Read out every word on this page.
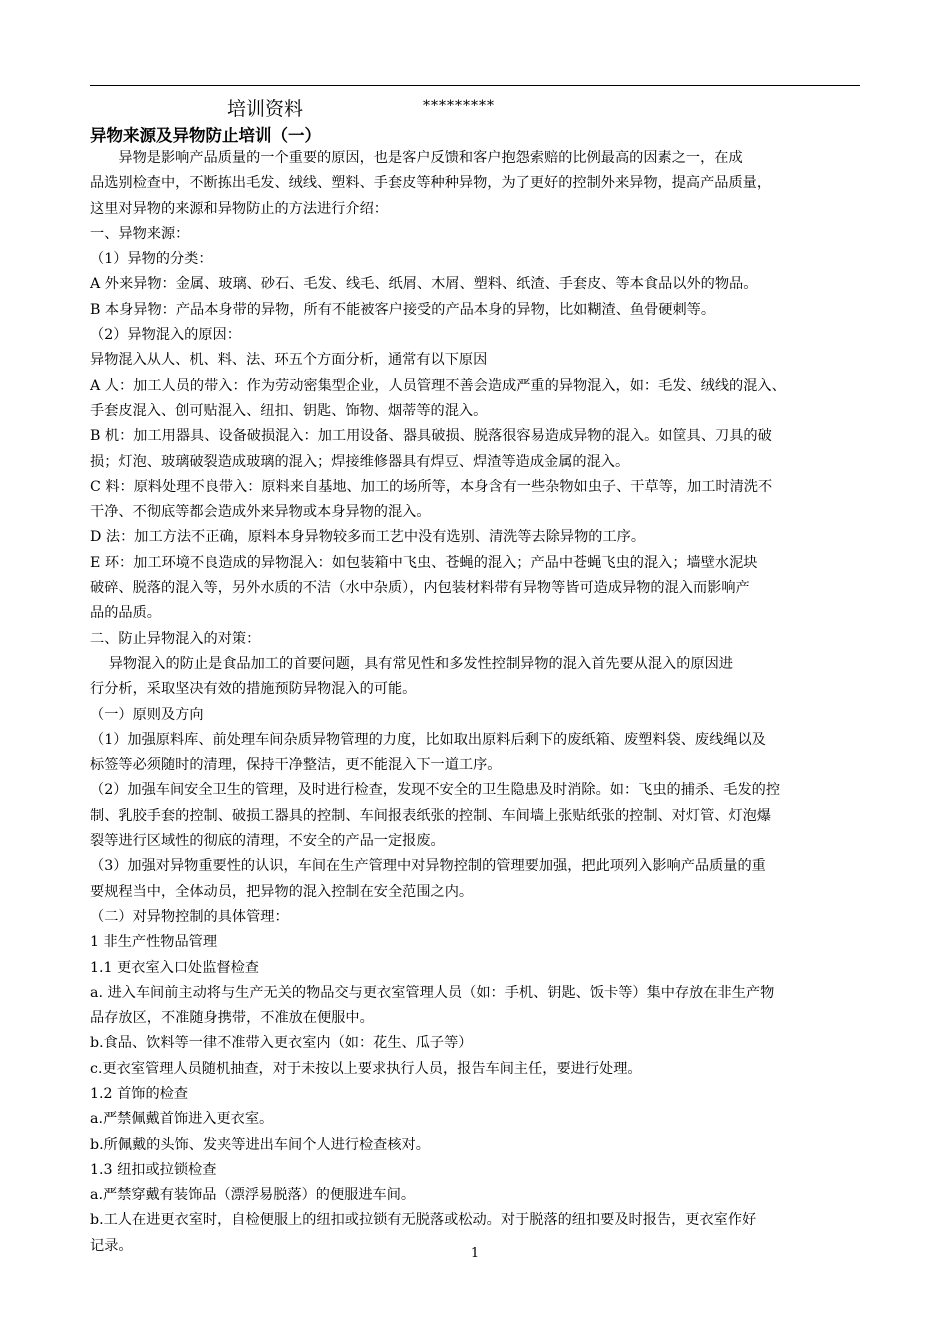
培训资料	*********
异物来源及异物防止培训（一）

　　异物是影响产品质量的一个重要的原因，也是客户反馈和客户抱怨索赔的比例最高的因素之一，在成

品选别检查中，不断拣出毛发、绒线、塑料、手套皮等种种异物，为了更好的控制外来异物，提高产品质量，

这里对异物的来源和异物防止的方法进行介绍：

一、异物来源：

（1）异物的分类：

A 外来异物：金属、玻璃、砂石、毛发、线毛、纸屑、木屑、塑料、纸渣、手套皮、等本食品以外的物品。

B 本身异物：产品本身带的异物，所有不能被客户接受的产品本身的异物，比如糊渣、鱼骨硬刺等。

（2）异物混入的原因：

异物混入从人、机、料、法、环五个方面分析，通常有以下原因

A 人：加工人员的带入：作为劳动密集型企业，人员管理不善会造成严重的异物混入，如：毛发、绒线的混入、

手套皮混入、创可贴混入、纽扣、钥匙、饰物、烟蒂等的混入。

B 机：加工用器具、设备破损混入：加工用设备、器具破损、脱落很容易造成异物的混入。如筐具、刀具的破

损；灯泡、玻璃破裂造成玻璃的混入；焊接维修器具有焊豆、焊渣等造成金属的混入。

C 料：原料处理不良带入：原料来自基地、加工的场所等，本身含有一些杂物如虫子、干草等，加工时清洗不

干净、不彻底等都会造成外来异物或本身异物的混入。

D 法：加工方法不正确，原料本身异物较多而工艺中没有选别、清洗等去除异物的工序。

E 环：加工环境不良造成的异物混入：如包装箱中飞虫、苍蝇的混入；产品中苍蝇飞虫的混入；墙壁水泥块

破碎、脱落的混入等，另外水质的不洁（水中杂质），内包装材料带有异物等皆可造成异物的混入而影响产

品的品质。

二、防止异物混入的对策：

　 异物混入的防止是食品加工的首要问题，具有常见性和多发性控制异物的混入首先要从混入的原因进

行分析，采取坚决有效的措施预防异物混入的可能。

（一）原则及方向

（1）加强原料库、前处理车间杂质异物管理的力度，比如取出原料后剩下的废纸箱、废塑料袋、废线绳以及

标签等必须随时的清理，保持干净整洁，更不能混入下一道工序。

（2）加强车间安全卫生的管理，及时进行检查，发现不安全的卫生隐患及时消除。如：飞虫的捕杀、毛发的控

制、乳胶手套的控制、破损工器具的控制、车间报表纸张的控制、车间墙上张贴纸张的控制、对灯管、灯泡爆

裂等进行区域性的彻底的清理，不安全的产品一定报废。

（3）加强对异物重要性的认识，车间在生产管理中对异物控制的管理要加强，把此项列入影响产品质量的重

要规程当中，全体动员，把异物的混入控制在安全范围之内。

（二）对异物控制的具体管理：

1 非生产性物品管理

1.1 更衣室入口处监督检查

a. 进入车间前主动将与生产无关的物品交与更衣室管理人员（如：手机、钥匙、饭卡等）集中存放在非生产物

品存放区，不准随身携带，不准放在便服中。

b.食品、饮料等一律不准带入更衣室内（如：花生、瓜子等）

c.更衣室管理人员随机抽查，对于未按以上要求执行人员，报告车间主任，要进行处理。

1.2 首饰的检查

a.严禁佩戴首饰进入更衣室。

b.所佩戴的头饰、发夹等进出车间个人进行检查核对。

1.3 纽扣或拉锁检查

a.严禁穿戴有装饰品（漂浮易脱落）的便服进车间。

b.工人在进更衣室时，自检便服上的纽扣或拉锁有无脱落或松动。对于脱落的纽扣要及时报告，更衣室作好

记录。	1
